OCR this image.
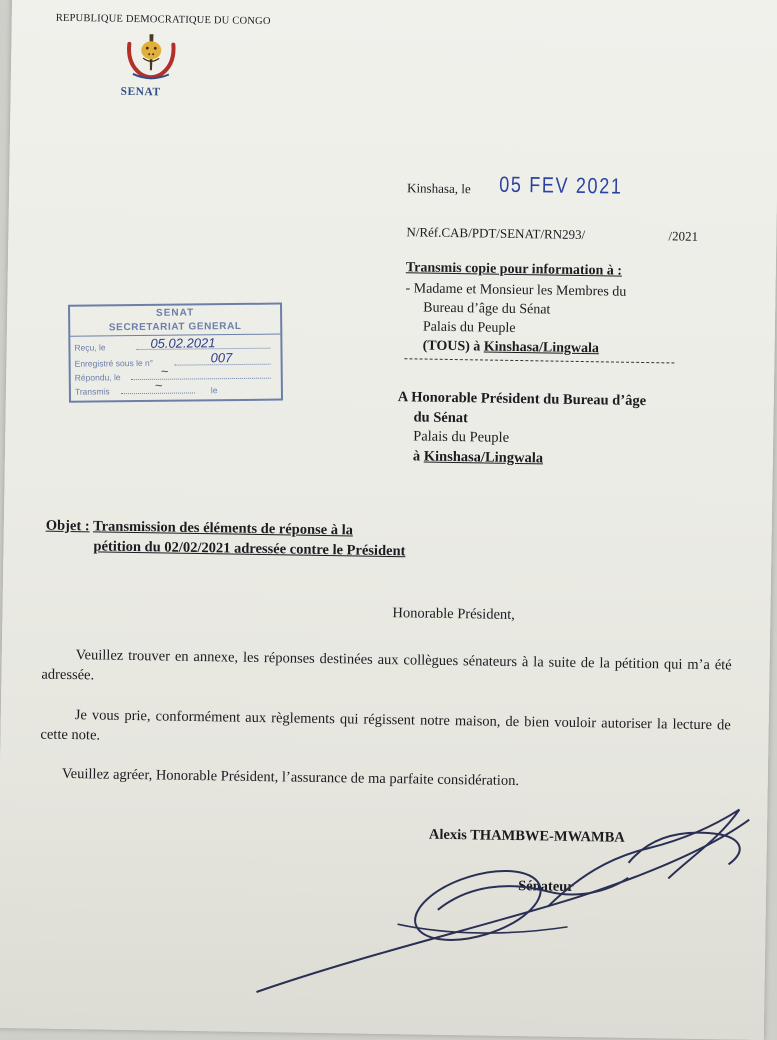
REPUBLIQUE DEMOCRATIQUE DU CONGO
SENAT
Kinshasa, le 05 FEV 2021
N/Réf.CAB/PDT/SENAT/RN293/	/2021
Transmis copie pour information à :
- Madame et Monsieur les Membres du
Bureau d’âge du Sénat
Palais du Peuple
(TOUS) à Kinshasa/Lingwala
A Honorable Président du Bureau d’âge
du Sénat
Palais du Peuple
à Kinshasa/Lingwala
SENAT
SECRETARIAT GENERAL
Reçu, le	05.02.2021
Enregistré sous le n°	007
Répondu, le	~
Transmis	le
~
Objet : Transmission des éléments de réponse à la
pétition du 02/02/2021 adressée contre le Président
Honorable Président,
Veuillez trouver en annexe, les réponses destinées aux collègues sénateurs à la suite de la pétition qui m’a été adressée.
Je vous prie, conformément aux règlements qui régissent notre maison, de bien vouloir autoriser la lecture de cette note.
Veuillez agréer, Honorable Président, l’assurance de ma parfaite considération.
Alexis THAMBWE-MWAMBA
Sénateur
